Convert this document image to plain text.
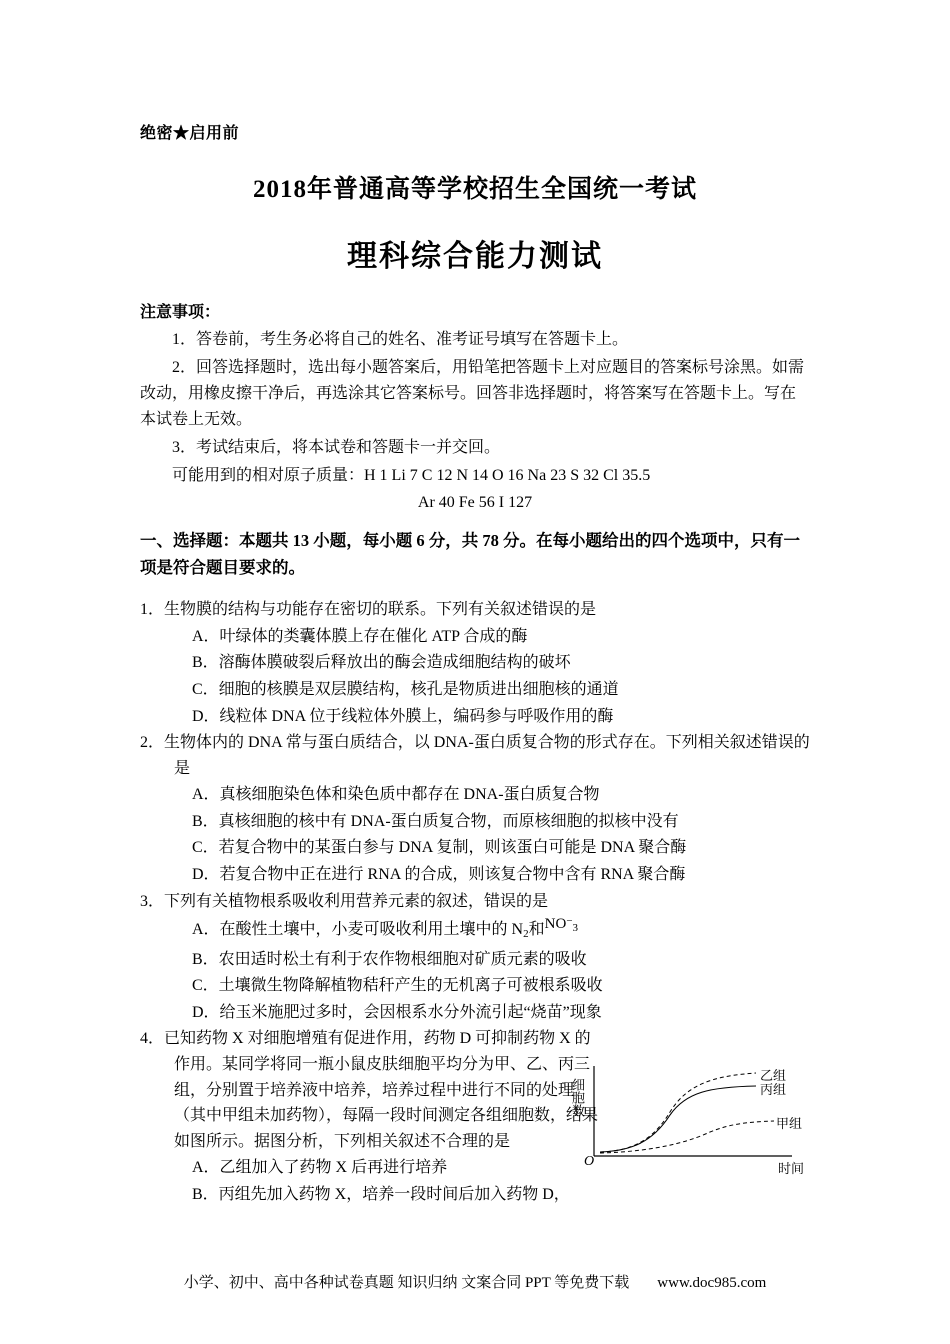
绝密★启用前
2018年普通高等学校招生全国统一考试
理科综合能力测试
注意事项：
1．答卷前，考生务必将自己的姓名、准考证号填写在答题卡上。
2．回答选择题时，选出每小题答案后，用铅笔把答题卡上对应题目的答案标号涂黑。如需改动，用橡皮擦干净后，再选涂其它答案标号。回答非选择题时，将答案写在答题卡上。写在本试卷上无效。
3．考试结束后，将本试卷和答题卡一并交回。
可能用到的相对原子质量：H 1 Li 7 C 12 N 14 O 16 Na 23 S 32 Cl 35.5
Ar 40 Fe 56 I 127
一、选择题：本题共 13 小题，每小题 6 分，共 78 分。在每小题给出的四个选项中，只有一项是符合题目要求的。
1．生物膜的结构与功能存在密切的联系。下列有关叙述错误的是
A．叶绿体的类囊体膜上存在催化 ATP 合成的酶
B．溶酶体膜破裂后释放出的酶会造成细胞结构的破坏
C．细胞的核膜是双层膜结构，核孔是物质进出细胞核的通道
D．线粒体 DNA 位于线粒体外膜上，编码参与呼吸作用的酶
2．生物体内的 DNA 常与蛋白质结合，以 DNA-蛋白质复合物的形式存在。下列相关叙述错误的是
A．真核细胞染色体和染色质中都存在 DNA-蛋白质复合物
B．真核细胞的核中有 DNA-蛋白质复合物，而原核细胞的拟核中没有
C．若复合物中的某蛋白参与 DNA 复制，则该蛋白可能是 DNA 聚合酶
D．若复合物中正在进行 RNA 的合成，则该复合物中含有 RNA 聚合酶
3．下列有关植物根系吸收利用营养元素的叙述，错误的是
A．在酸性土壤中，小麦可吸收利用土壤中的 $N_2$和$NO^-_3$
B．农田适时松土有利于农作物根细胞对矿质元素的吸收
C．土壤微生物降解植物秸秆产生的无机离子可被根系吸收
D．给玉米施肥过多时，会因根系水分外流引起“烧苗”现象
4．已知药物 X 对细胞增殖有促进作用，药物 D 可抑制药物 X 的作用。某同学将同一瓶小鼠皮肤细胞平均分为甲、乙、丙三组，分别置于培养液中培养，培养过程中进行不同的处理（其中甲组未加药物），每隔一段时间测定各组细胞数，结果如图所示。据图分析，下列相关叙述不合理的是
A．乙组加入了药物 X 后再进行培养
B．丙组先加入药物 X，培养一段时间后加入药物 D，
细胞数
O	时间
乙组
丙组
甲组
小学、初中、高中各种试卷真题 知识归纳 文案合同 PPT 等免费下载 www.doc985.com
